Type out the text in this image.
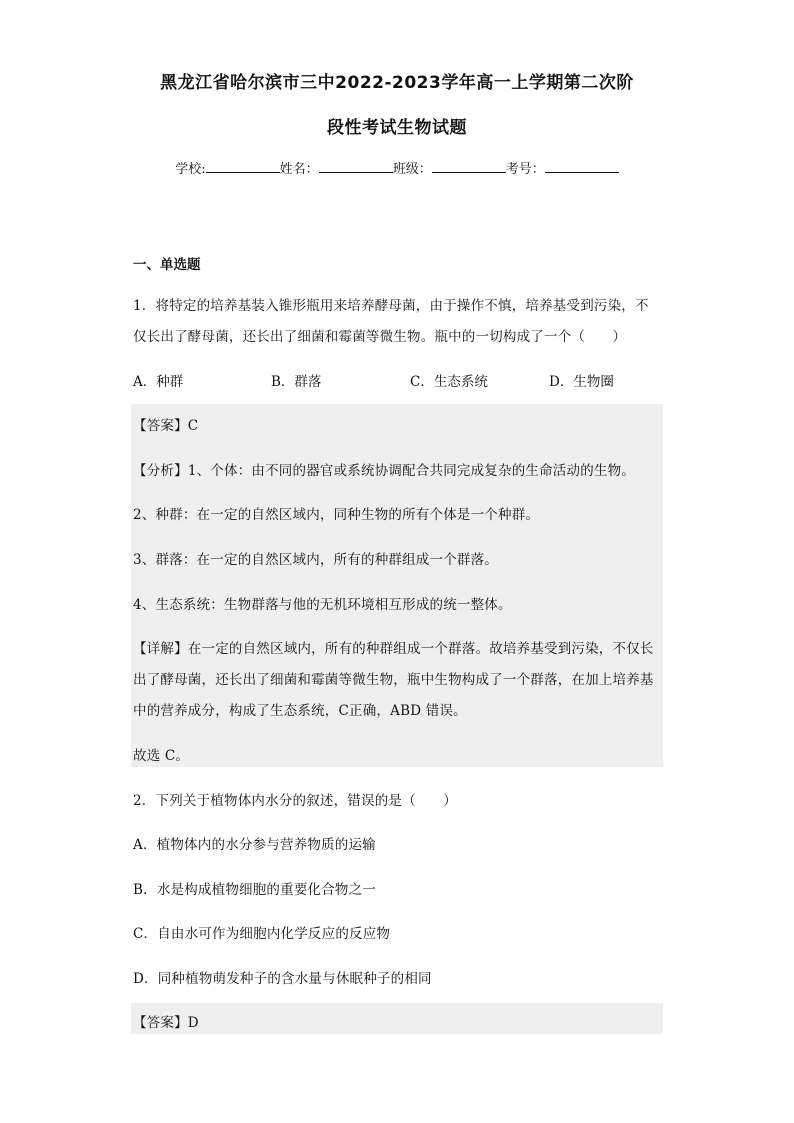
黑龙江省哈尔滨市三中2022-2023学年高一上学期第二次阶
段性考试生物试题
学校:	姓名：	班级：	考号：
一、单选题
1．将特定的培养基装入锥形瓶用来培养酵母菌，由于操作不慎，培养基受到污染，不
仅长出了酵母菌，还长出了细菌和霉菌等微生物。瓶中的一切构成了一个（　　）
A．种群	B．群落	C．生态系统	D．生物圈
【答案】C
【分析】1、个体：由不同的器官或系统协调配合共同完成复杂的生命活动的生物。
2、种群：在一定的自然区域内，同种生物的所有个体是一个种群。
3、群落：在一定的自然区域内，所有的种群组成一个群落。
4、生态系统：生物群落与他的无机环境相互形成的统一整体。
【详解】在一定的自然区域内，所有的种群组成一个群落。故培养基受到污染，不仅长
出了酵母菌，还长出了细菌和霉菌等微生物，瓶中生物构成了一个群落，在加上培养基
中的营养成分，构成了生态系统，C正确，ABD 错误。
故选 C。
2．下列关于植物体内水分的叙述，错误的是（　　）
A．植物体内的水分参与营养物质的运输
B．水是构成植物细胞的重要化合物之一
C．自由水可作为细胞内化学反应的反应物
D．同种植物萌发种子的含水量与休眠种子的相同
【答案】D
